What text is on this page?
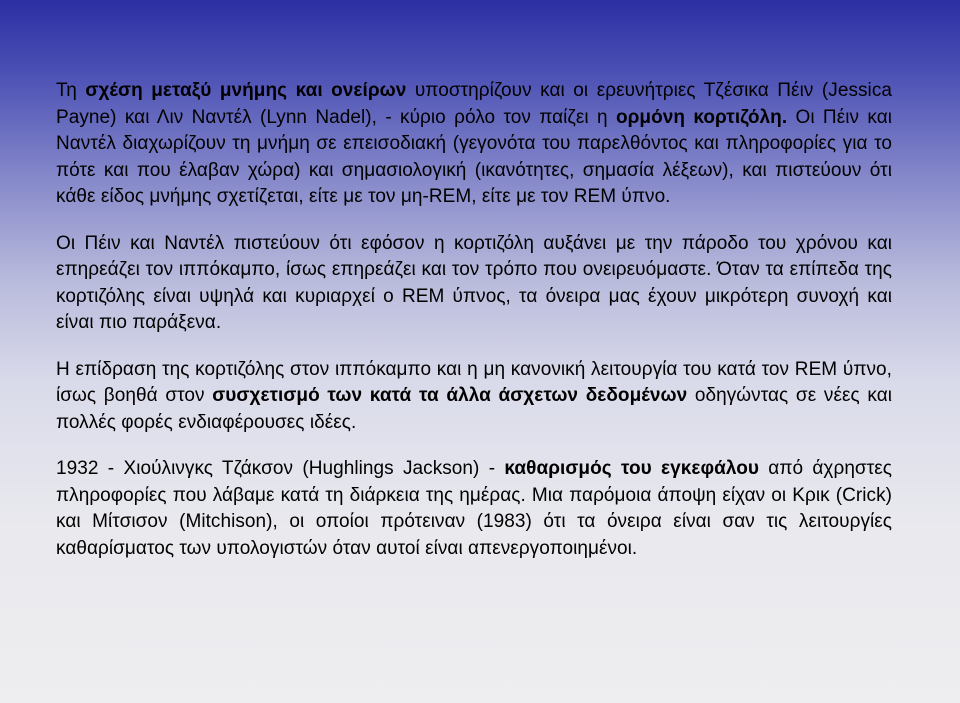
Τη σχέση μεταξύ μνήμης και ονείρων υποστηρίζουν και οι ερευνήτριες Τζέσικα Πέιν (Jessica Payne) και Λιν Ναντέλ (Lynn Nadel), - κύριο ρόλο τον παίζει η ορμόνη κορτιζόλη. Οι Πέιν και Ναντέλ διαχωρίζουν τη μνήμη σε επεισοδιακή (γεγονότα του παρελθόντος και πληροφορίες για το πότε και που έλαβαν χώρα) και σημασιολογική (ικανότητες, σημασία λέξεων), και πιστεύουν ότι κάθε είδος μνήμης σχετίζεται, είτε με τον μη-REM, είτε με τον REM ύπνο.

Οι Πέιν και Ναντέλ πιστεύουν ότι εφόσον η κορτιζόλη αυξάνει με την πάροδο του χρόνου και επηρεάζει τον ιππόκαμπο, ίσως επηρεάζει και τον τρόπο που ονειρευόμαστε. Όταν τα επίπεδα της κορτιζόλης είναι υψηλά και κυριαρχεί ο REM ύπνος, τα όνειρα μας έχουν μικρότερη συνοχή και είναι πιο παράξενα.

Η επίδραση της κορτιζόλης στον ιππόκαμπο και η μη κανονική λειτουργία του κατά τον REM ύπνο, ίσως βοηθά στον συσχετισμό των κατά τα άλλα άσχετων δεδομένων οδηγώντας σε νέες και πολλές φορές ενδιαφέρουσες ιδέες.

1932 - Χιούλινγκς Τζάκσον (Hughlings Jackson) - καθαρισμός του εγκεφάλου από άχρηστες πληροφορίες που λάβαμε κατά τη διάρκεια της ημέρας. Μια παρόμοια άποψη είχαν οι Κρικ (Crick) και Μίτσισον (Mitchison), οι οποίοι πρότειναν (1983) ότι τα όνειρα είναι σαν τις λειτουργίες καθαρίσματος των υπολογιστών όταν αυτοί είναι απενεργοποιημένοι.
